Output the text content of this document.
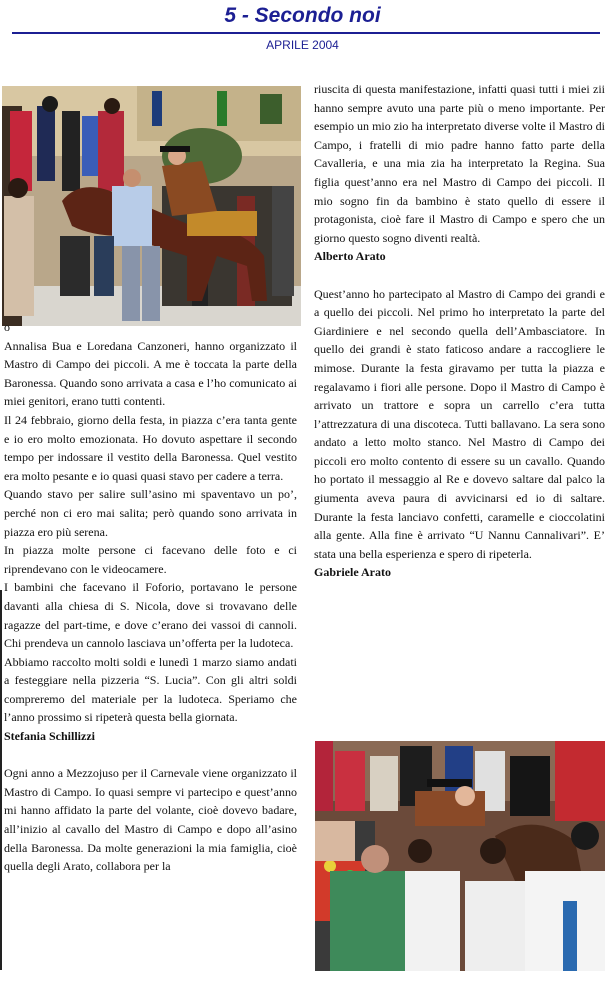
5 - Secondo noi
APRILE 2004

o

Annalisa Bua e Loredana Canzoneri, hanno organizzato il Mastro di Campo dei piccoli. A me è toccata la parte della Baronessa. Quando sono arrivata a casa e l’ho comunicato ai miei genitori, erano tutti contenti.

Il 24 febbraio, giorno della festa, in piazza c’era tanta gente e io ero molto emozionata. Ho dovuto aspettare il secondo tempo per indossare il vestito della Baronessa. Quel vestito era molto pesante e io quasi quasi stavo per cadere a terra.

Quando stavo per salire sull’asino mi spaventavo un po’, perché non ci ero mai salita; però quando sono arrivata in piazza ero più serena.

In piazza molte persone ci facevano delle foto e ci riprendevano con le videocamere.

I bambini che facevano il Foforio, portavano le persone davanti alla chiesa di S. Nicola, dove si trovavano delle ragazze del part-time, e dove c’erano dei vassoi di cannoli. Chi prendeva un cannolo lasciava un’offerta per la ludoteca.

Abbiamo raccolto molti soldi e lunedì 1 marzo siamo andati a festeggiare nella pizzeria “S. Lucia”. Con gli altri soldi compreremo del materiale per la ludoteca. Speriamo che l’anno prossimo si ripeterà questa bella giornata.

Stefania Schillizzi

Ogni anno a Mezzojuso per il Carnevale viene organizzato il Mastro di Campo. Io quasi sempre vi partecipo e quest’anno mi hanno affidato la parte del volante, cioè dovevo badare, all’inizio al cavallo del Mastro di Campo e dopo all’asino della Baronessa. Da molte generazioni la mia famiglia, cioè quella degli Arato, collabora per la

riuscita di questa manifestazione, infatti quasi tutti i miei zii hanno sempre avuto una parte più o meno importante. Per esempio un mio zio ha interpretato diverse volte il Mastro di Campo, i fratelli di mio padre hanno fatto parte della Cavalleria, e una mia zia ha interpretato la Regina. Sua figlia quest’anno era nel Mastro di Campo dei piccoli. Il mio sogno fin da bambino è stato quello di essere il protagonista, cioè fare il Mastro di Campo e spero che un giorno questo sogno diventi realtà.

Alberto Arato

Quest’anno ho partecipato al Mastro di Campo dei grandi e a quello dei piccoli. Nel primo ho interpretato la parte del Giardiniere e nel secondo quella dell’Ambasciatore. In quello dei grandi è stato faticoso andare a raccogliere le mimose. Durante la festa giravamo per tutta la piazza e regalavamo i fiori alle persone. Dopo il Mastro di Campo è arrivato un trattore e sopra un carrello c’era tutta l’attrezzatura di una discoteca. Tutti ballavano. La sera sono andato a letto molto stanco. Nel Mastro di Campo dei piccoli ero molto contento di essere su un cavallo. Quando ho portato il messaggio al Re e dovevo saltare dal palco la giumenta aveva paura di avvicinarsi ed io di saltare. Durante la festa lanciavo confetti, caramelle e cioccolatini alla gente. Alla fine è arrivato “U Nannu Cannalivari”. E’ stata una bella esperienza e spero di ripeterla.

Gabriele Arato
